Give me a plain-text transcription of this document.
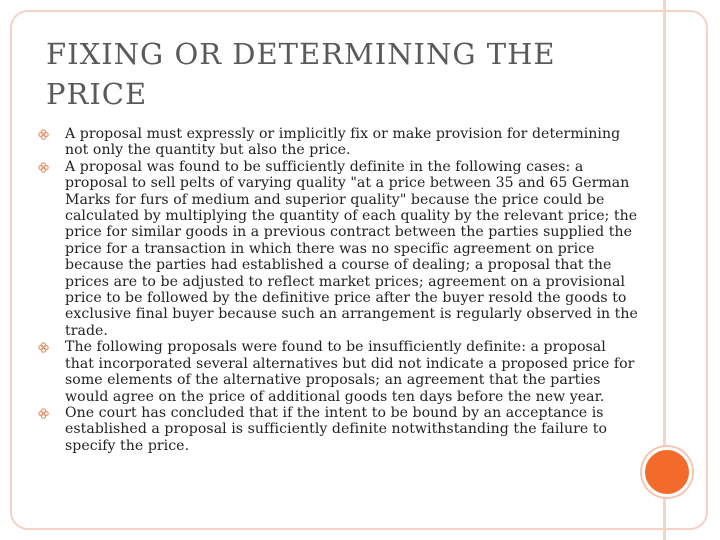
FIXING OR DETERMINING THE PRICE
A proposal must expressly or implicitly fix or make provision for determining not only the quantity but also the price.
A proposal was found to be sufficiently definite in the following cases: a proposal to sell pelts of varying quality "at a price between 35 and 65 German Marks for furs of medium and superior quality" because the price could be calculated by multiplying the quantity of each quality by the relevant price; the price for similar goods in a previous contract between the parties supplied the price for a transaction in which there was no specific agreement on price because the parties had established a course of dealing; a proposal that the prices are to be adjusted to reflect market prices; agreement on a provisional price to be followed by the definitive price after the buyer resold the goods to exclusive final buyer because such an arrangement is regularly observed in the trade.
The following proposals were found to be insufficiently definite: a proposal that incorporated several alternatives but did not indicate a proposed price for some elements of the alternative proposals; an agreement that the parties would agree on the price of additional goods ten days before the new year.
One court has concluded that if the intent to be bound by an acceptance is established a proposal is sufficiently definite notwithstanding the failure to specify the price.
